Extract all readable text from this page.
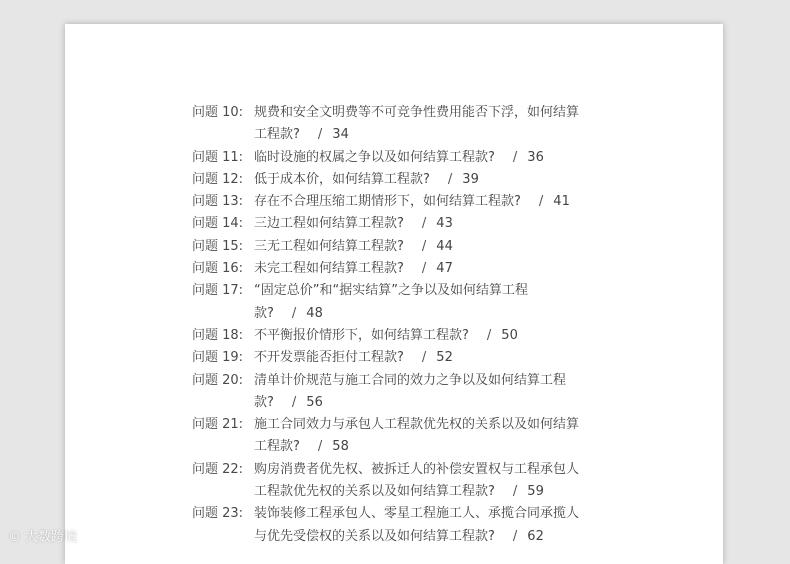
问题 10: 规费和安全文明费等不可竞争性费用能否下浮，如何结算
工程款? / 34
问题 11: 临时设施的权属之争以及如何结算工程款? / 36
问题 12: 低于成本价，如何结算工程款? / 39
问题 13: 存在不合理压缩工期情形下，如何结算工程款? / 41
问题 14: 三边工程如何结算工程款? / 43
问题 15: 三无工程如何结算工程款? / 44
问题 16: 未完工程如何结算工程款? / 47
问题 17: “固定总价”和“据实结算”之争以及如何结算工程
款? / 48
问题 18: 不平衡报价情形下，如何结算工程款? / 50
问题 19: 不开发票能否拒付工程款? / 52
问题 20: 清单计价规范与施工合同的效力之争以及如何结算工程
款? / 56
问题 21: 施工合同效力与承包人工程款优先权的关系以及如何结算
工程款? / 58
问题 22: 购房消费者优先权、被拆迁人的补偿安置权与工程承包人
工程款优先权的关系以及如何结算工程款? / 59
问题 23: 装饰装修工程承包人、零星工程施工人、承揽合同承揽人
与优先受偿权的关系以及如何结算工程款? / 62
© 大数跨境
